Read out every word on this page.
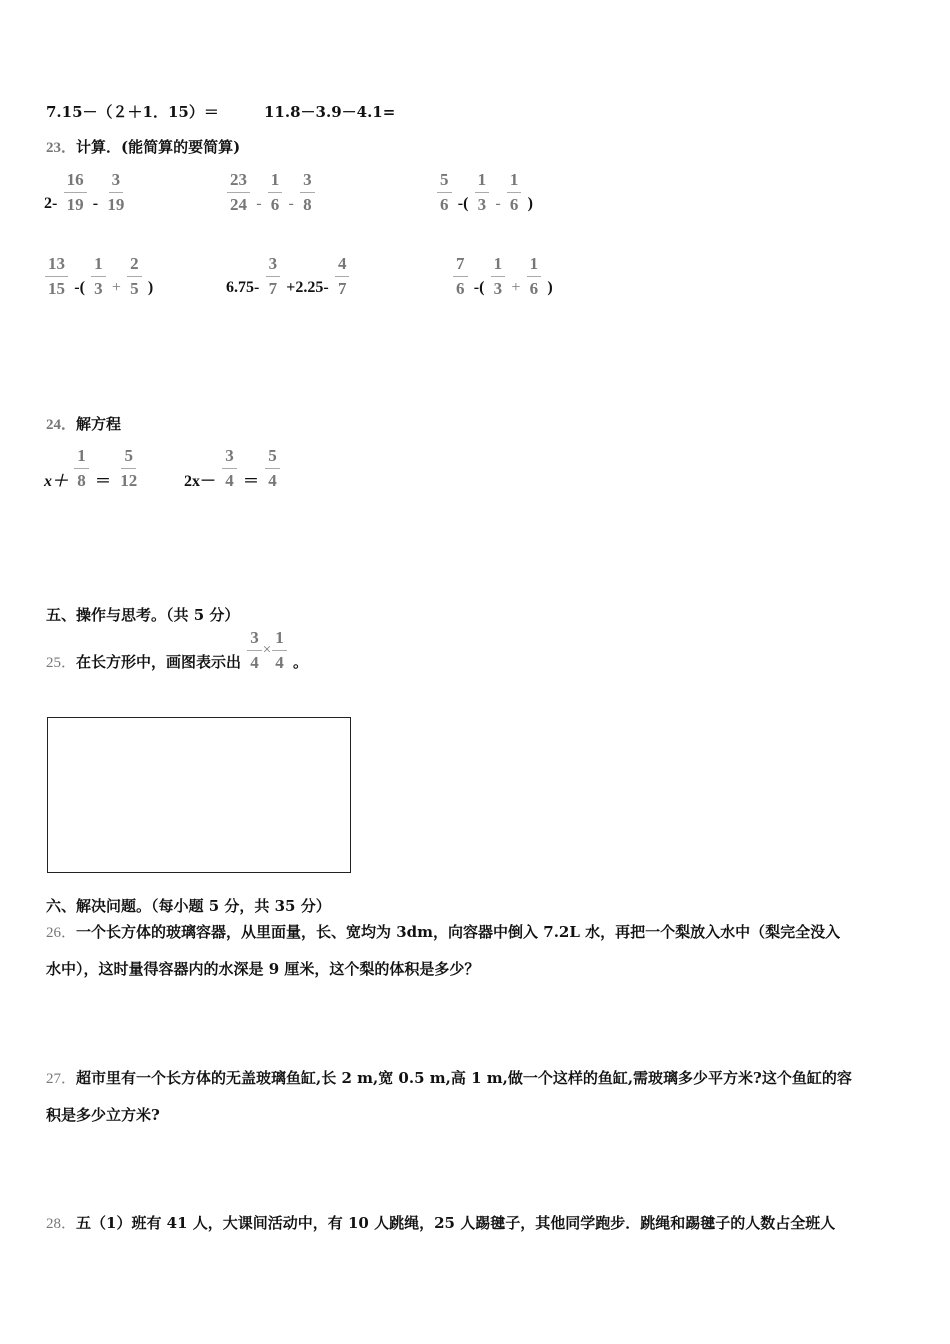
7.15－（２＋1．15）＝	11.8－3.9－4.1=
23．计算．(能简算的要简算)
$2- \frac{16}{19} - \frac{3}{19}$	$\frac{23}{24} - \frac{1}{6} - \frac{3}{8}$	$\frac{5}{6}$ -( $\frac{1}{3} - \frac{1}{6}$ )
$\frac{13}{15}$ -( $\frac{1}{3} + \frac{2}{5}$ )	$6.75- \frac{3}{7} +2.25- \frac{4}{7}$	$\frac{7}{6}$ -( $\frac{1}{3} + \frac{1}{6}$ )
24．解方程
$x+ \frac{1}{8} = \frac{5}{12}$	$2x- \frac{3}{4} = \frac{5}{4}$
五、操作与思考。（共 5 分）
25．在长方形中，画图表示出 $\frac{3}{4} \times \frac{1}{4}$ 。
六、解决问题。（每小题 5 分，共 35 分）
26．一个长方体的玻璃容器，从里面量，长、宽均为 3dm，向容器中倒入 7.2L 水，再把一个梨放入水中（梨完全没入
水中），这时量得容器内的水深是 9 厘米，这个梨的体积是多少？
27．超市里有一个长方体的无盖玻璃鱼缸,长 2 m,宽 0.5 m,高 1 m,做一个这样的鱼缸,需玻璃多少平方米?这个鱼缸的容
积是多少立方米?
28．五（1）班有 41 人，大课间活动中，有 10 人跳绳，25 人踢毽子，其他同学跑步．跳绳和踢毽子的人数占全班人
